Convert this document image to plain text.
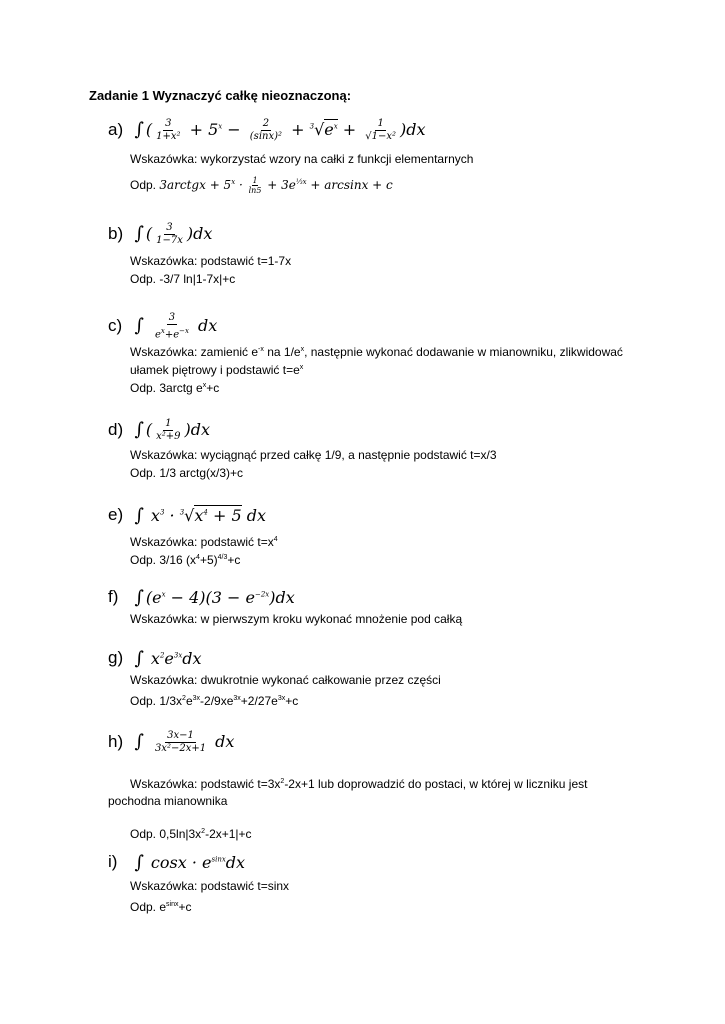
Zadanie 1 Wyznaczyć całkę nieoznaczoną:
a) ∫ ( $\frac{3}{\text{1+x²}} + 5^x - \frac{2}{\text{(sinx)²}} + ^3√e^x + \frac{1}{\text{√1−x²}} )dx$
Wskazówka: wykorzystać wzory na całki z funkcji elementarnych
Odp. 3arctgx + $5^x \cdot \frac{1}{\ln 5} + 3e^{\frac{1}{3}x} + \arcsin x + c$
b) ∫ ( $\frac{3}{1-7x} )dx$
Wskazówka: podstawić t=1-7x
Odp. -3/7 ln|1-7x|+c
c) ∫ $\frac{3}{e^x+e^{-x}}$ dx
Wskazówka: zamienić $e^{-x}$ na $1/e^x$, następnie wykonać dodawanie w mianowniku, zlikwidować
ułamek piętrowy i podstawić $t=e^x$
Odp. 3arctg $e^x+c$
d) ∫ ( $\frac{1}{\text{x²+9}} )dx$
Wskazówka: wyciągnąć przed całkę 1/9, a następnie podstawić t=x/3
Odp. 1/3 arctg(x/3)+c
e) ∫ $x^3 \cdot ^3√x^4 + 5$ dx
Wskazówka: podstawić $t=x^4$
Odp. 3/16 $(x^4+5)^{4/3}+c$
f) ∫ $(e^x - 4)(3 - e^{-2x})dx$
Wskazówka: w pierwszym kroku wykonać mnożenie pod całką
g) ∫ $x^2e^{3x}dx$
Wskazówka: dwukrotnie wykonać całkowanie przez części
Odp. $1/3x^2e^{3x}-2/9xe^{3x}+2/27e^{3x}+c$
h) ∫ $\frac{3x-1}{\text{3x²−2x+1}}$ dx
Wskazówka: podstawić $t=3x^2-2x+1$ lub doprowadzić do postaci, w której w liczniku jest
pochodna mianownika
Odp. $0,5\ln|3x^2-2x+1|+c$
i) ∫ $\cos x \cdot e^{sinx}dx$
Wskazówka: podstawić t=sinx
Odp. $e^{sinx}+c$
